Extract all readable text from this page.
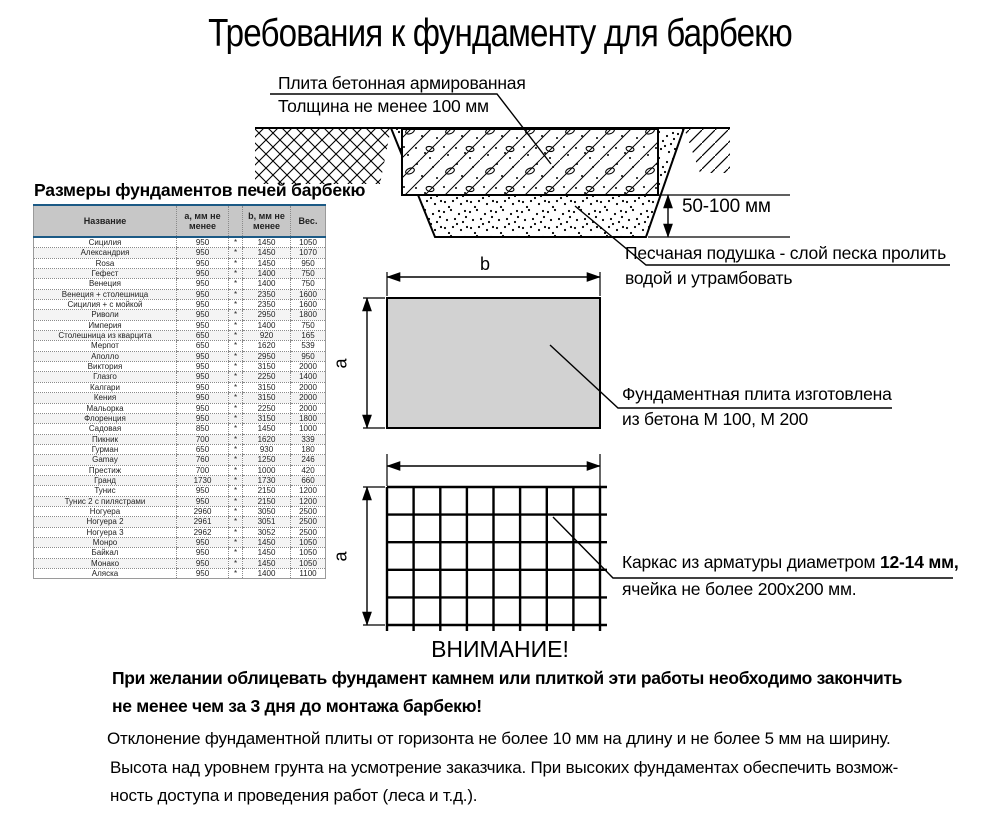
Требования к фундаменту для барбекю
Плита бетонная армированная
Толщина не менее 100 мм
50-100 мм
Песчаная подушка - слой песка пролить
водой и утрамбовать
Размеры фундаментов печей барбекю
Название	a, мм не менее		b, мм не менее	Вес.
Сицилия	950	*	1450	1050
Александрия	950	*	1450	1070
Rosa	950	*	1450	950
Гефест	950	*	1400	750
Венеция	950	*	1400	750
Венеция + столешница	950	*	2350	1600
Сицилия + с мойкой	950	*	2350	1600
Риволи	950	*	2950	1800
Империя	950	*	1400	750
Столешница из кварцита	650	*	920	165
Мерпот	650	*	1620	539
Аполло	950	*	2950	950
Виктория	950	*	3150	2000
Глазго	950	*	2250	1400
Калгари	950	*	3150	2000
Кения	950	*	3150	2000
Мальорка	950	*	2250	2000
Флоренция	950	*	3150	1800
Садовая	850	*	1450	1000
Пикник	700	*	1620	339
Гурман	650	*	930	180
Gamay	760	*	1250	246
Престиж	700	*	1000	420
Гранд	1730	*	1730	660
Тунис	950	*	2150	1200
Тунис 2 с пилястрами	950	*	2150	1200
Ногуера	2960	*	3050	2500
Ногуера 2	2961	*	3051	2500
Ногуера 3	2962	*	3052	2500
Монро	950	*	1450	1050
Байкал	950	*	1450	1050
Монако	950	*	1450	1050
Аляска	950	*	1400	1100
b
a
Фундаментная плита изготовлена
из бетона М 100, М 200
a	Каркас из арматуры диаметром 12-14 мм,
ячейка не более 200х200 мм.
ВНИМАНИЕ!
При желании облицевать фундамент камнем или плиткой эти работы необходимо закончить
не менее чем за 3 дня до монтажа барбекю!
Отклонение фундаментной плиты от горизонта не более 10 мм на длину и не более 5 мм на ширину.
Высота над уровнем грунта на усмотрение заказчика. При высоких фундаментах обеспечить возмож-
ность доступа и проведения работ (леса и т.д.).
